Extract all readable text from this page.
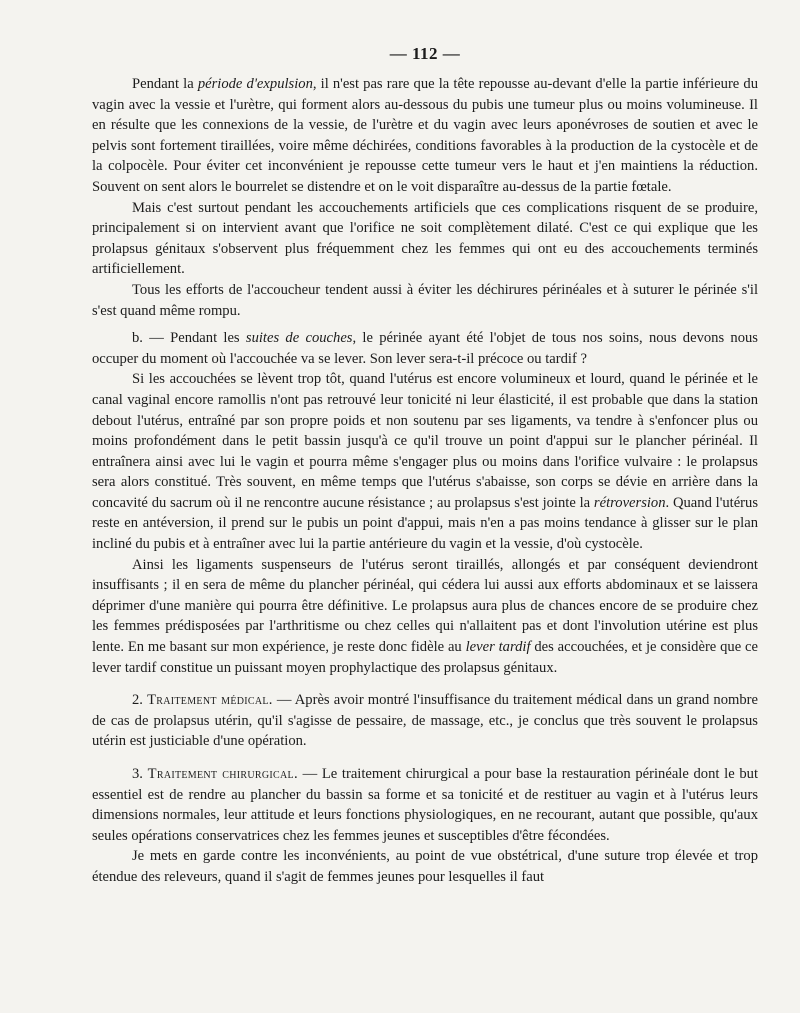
— 112 —

Pendant la période d'expulsion, il n'est pas rare que la tête repousse au-devant d'elle la partie inférieure du vagin avec la vessie et l'urètre, qui forment alors au-dessous du pubis une tumeur plus ou moins volumineuse. Il en résulte que les connexions de la vessie, de l'urètre et du vagin avec leurs aponévroses de soutien et avec le pelvis sont fortement tiraillées, voire même déchirées, conditions favorables à la production de la cystocèle et de la colpocèle. Pour éviter cet inconvénient je repousse cette tumeur vers le haut et j'en maintiens la réduction. Souvent on sent alors le bourrelet se distendre et on le voit disparaître au-dessus de la partie fœtale.

Mais c'est surtout pendant les accouchements artificiels que ces complications risquent de se produire, principalement si on intervient avant que l'orifice ne soit complètement dilaté. C'est ce qui explique que les prolapsus génitaux s'observent plus fréquemment chez les femmes qui ont eu des accouchements terminés artificiellement.

Tous les efforts de l'accoucheur tendent aussi à éviter les déchirures périnéales et à suturer le périnée s'il s'est quand même rompu.

b. — Pendant les suites de couches, le périnée ayant été l'objet de tous nos soins, nous devons nous occuper du moment où l'accouchée va se lever. Son lever sera-t-il précoce ou tardif ?

Si les accouchées se lèvent trop tôt, quand l'utérus est encore volumineux et lourd, quand le périnée et le canal vaginal encore ramollis n'ont pas retrouvé leur tonicité ni leur élasticité, il est probable que dans la station debout l'utérus, entraîné par son propre poids et non soutenu par ses ligaments, va tendre à s'enfoncer plus ou moins profondément dans le petit bassin jusqu'à ce qu'il trouve un point d'appui sur le plancher périnéal. Il entraînera ainsi avec lui le vagin et pourra même s'engager plus ou moins dans l'orifice vulvaire : le prolapsus sera alors constitué. Très souvent, en même temps que l'utérus s'abaisse, son corps se dévie en arrière dans la concavité du sacrum où il ne rencontre aucune résistance ; au prolapsus s'est jointe la rétroversion. Quand l'utérus reste en antéversion, il prend sur le pubis un point d'appui, mais n'en a pas moins tendance à glisser sur le plan incliné du pubis et à entraîner avec lui la partie antérieure du vagin et la vessie, d'où cystocèle.

Ainsi les ligaments suspenseurs de l'utérus seront tiraillés, allongés et par conséquent deviendront insuffisants ; il en sera de même du plancher périnéal, qui cédera lui aussi aux efforts abdominaux et se laissera déprimer d'une manière qui pourra être définitive. Le prolapsus aura plus de chances encore de se produire chez les femmes prédisposées par l'arthritisme ou chez celles qui n'allaitent pas et dont l'involution utérine est plus lente. En me basant sur mon expérience, je reste donc fidèle au lever tardif des accouchées, et je considère que ce lever tardif constitue un puissant moyen prophylactique des prolapsus génitaux.

2. Traitement médical. — Après avoir montré l'insuffisance du traitement médical dans un grand nombre de cas de prolapsus utérin, qu'il s'agisse de pessaire, de massage, etc., je conclus que très souvent le prolapsus utérin est justiciable d'une opération.

3. Traitement chirurgical. — Le traitement chirurgical a pour base la restauration périnéale dont le but essentiel est de rendre au plancher du bassin sa forme et sa tonicité et de restituer au vagin et à l'utérus leurs dimensions normales, leur attitude et leurs fonctions physiologiques, en ne recourant, autant que possible, qu'aux seules opérations conservatrices chez les femmes jeunes et susceptibles d'être fécondées.

Je mets en garde contre les inconvénients, au point de vue obstétrical, d'une suture trop élevée et trop étendue des releveurs, quand il s'agit de femmes jeunes pour lesquelles il faut
